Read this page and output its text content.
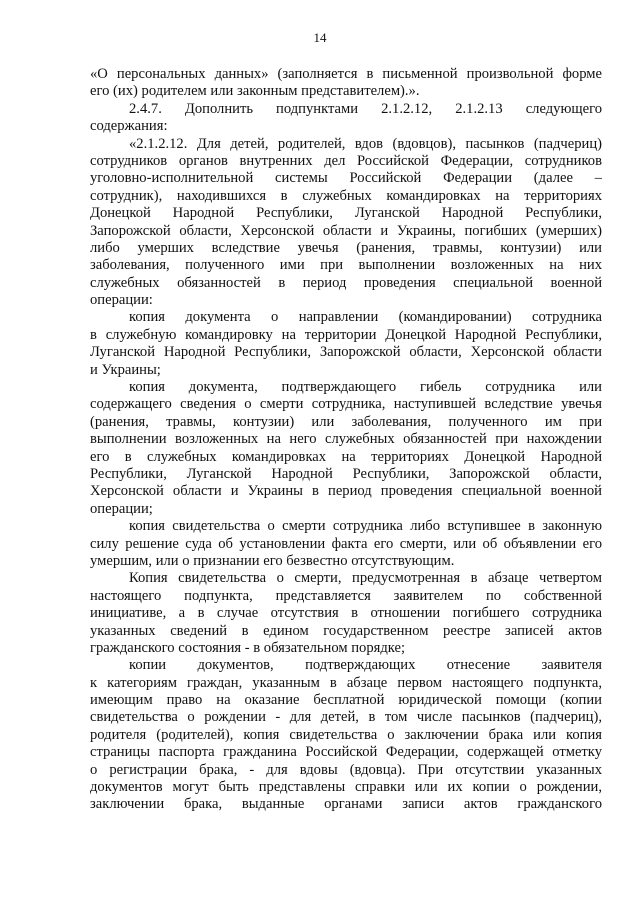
14
«О персональных данных» (заполняется в письменной произвольной форме
его (их) родителем или законным представителем).».
2.4.7. Дополнить подпунктами 2.1.2.12, 2.1.2.13 следующего
содержания:
«2.1.2.12. Для детей, родителей, вдов (вдовцов), пасынков (падчериц)
сотрудников органов внутренних дел Российской Федерации, сотрудников
уголовно-исполнительной системы Российской Федерации (далее –
сотрудник), находившихся в служебных командировках на территориях
Донецкой Народной Республики, Луганской Народной Республики,
Запорожской области, Херсонской области и Украины, погибших (умерших)
либо умерших вследствие увечья (ранения, травмы, контузии) или
заболевания, полученного ими при выполнении возложенных на них
служебных обязанностей в период проведения специальной военной
операции:
копия документа о направлении (командировании) сотрудника
в служебную командировку на территории Донецкой Народной Республики,
Луганской Народной Республики, Запорожской области, Херсонской области
и Украины;
копия документа, подтверждающего гибель сотрудника или
содержащего сведения о смерти сотрудника, наступившей вследствие увечья
(ранения, травмы, контузии) или заболевания, полученного им при
выполнении возложенных на него служебных обязанностей при нахождении
его в служебных командировках на территориях Донецкой Народной
Республики, Луганской Народной Республики, Запорожской области,
Херсонской области и Украины в период проведения специальной военной
операции;
копия свидетельства о смерти сотрудника либо вступившее в законную
силу решение суда об установлении факта его смерти, или об объявлении его
умершим, или о признании его безвестно отсутствующим.
Копия свидетельства о смерти, предусмотренная в абзаце четвертом
настоящего подпункта, представляется заявителем по собственной
инициативе, а в случае отсутствия в отношении погибшего сотрудника
указанных сведений в едином государственном реестре записей актов
гражданского состояния - в обязательном порядке;
копии документов, подтверждающих отнесение заявителя
к категориям граждан, указанным в абзаце первом настоящего подпункта,
имеющим право на оказание бесплатной юридической помощи (копии
свидетельства о рождении - для детей, в том числе пасынков (падчериц),
родителя (родителей), копия свидетельства о заключении брака или копия
страницы паспорта гражданина Российской Федерации, содержащей отметку
о регистрации брака, - для вдовы (вдовца). При отсутствии указанных
документов могут быть представлены справки или их копии о рождении,
заключении брака, выданные органами записи актов гражданского
